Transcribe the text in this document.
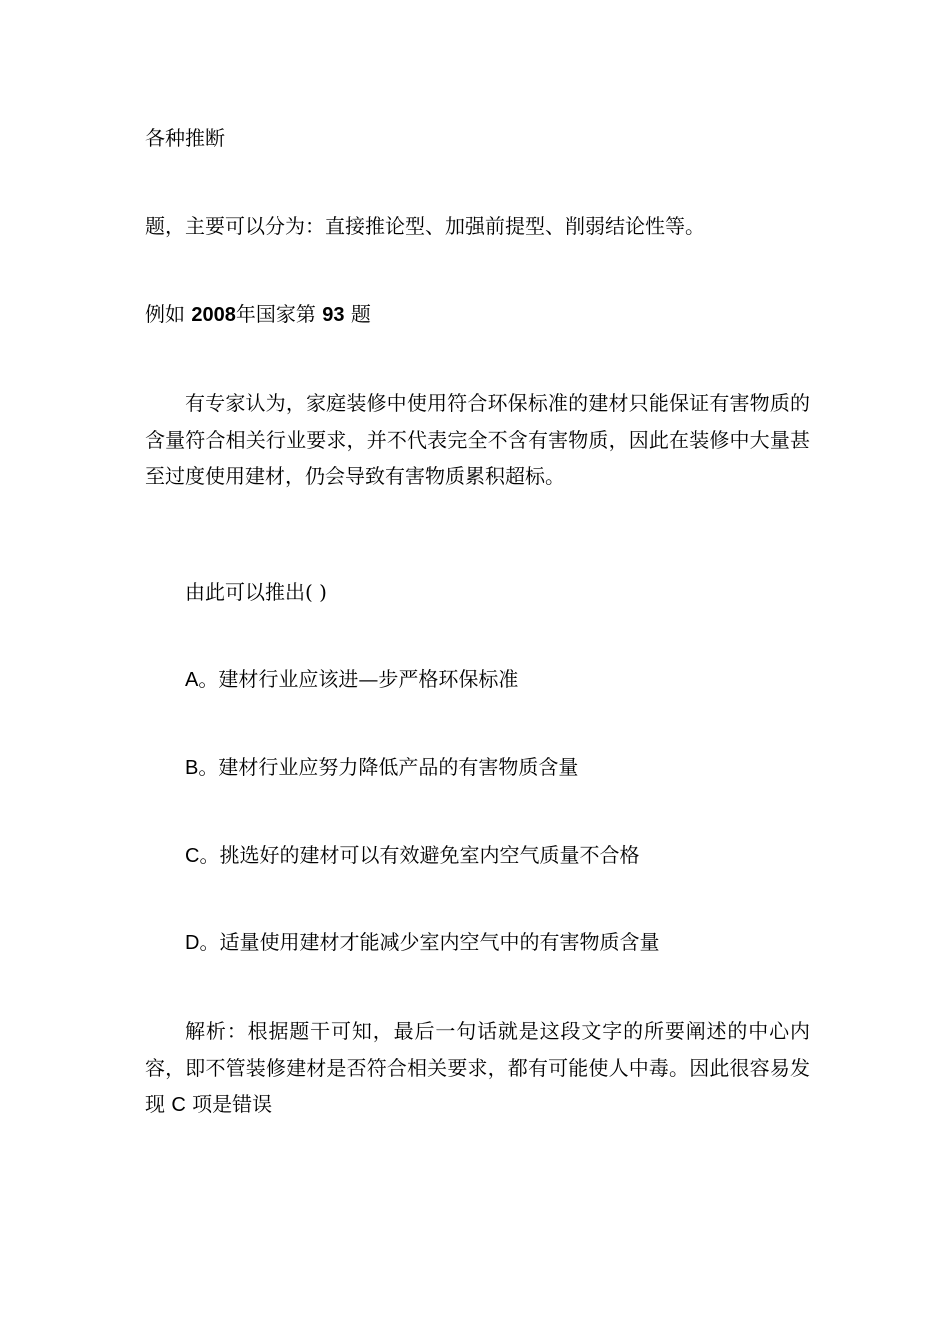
各种推断

题，主要可以分为：直接推论型、加强前提型、削弱结论性等。

例如 2008年国家第 93 题

有专家认为，家庭装修中使用符合环保标准的建材只能保证有害物质的含量符合相关行业要求，并不代表完全不含有害物质，因此在装修中大量甚至过度使用建材，仍会导致有害物质累积超标。

由此可以推出( )

A。建材行业应该进—步严格环保标准

B。建材行业应努力降低产品的有害物质含量

C。挑选好的建材可以有效避免室内空气质量不合格

D。适量使用建材才能减少室内空气中的有害物质含量

解析：根据题干可知，最后一句话就是这段文字的所要阐述的中心内容，即不管装修建材是否符合相关要求，都有可能使人中毒。因此很容易发现 C 项是错误
